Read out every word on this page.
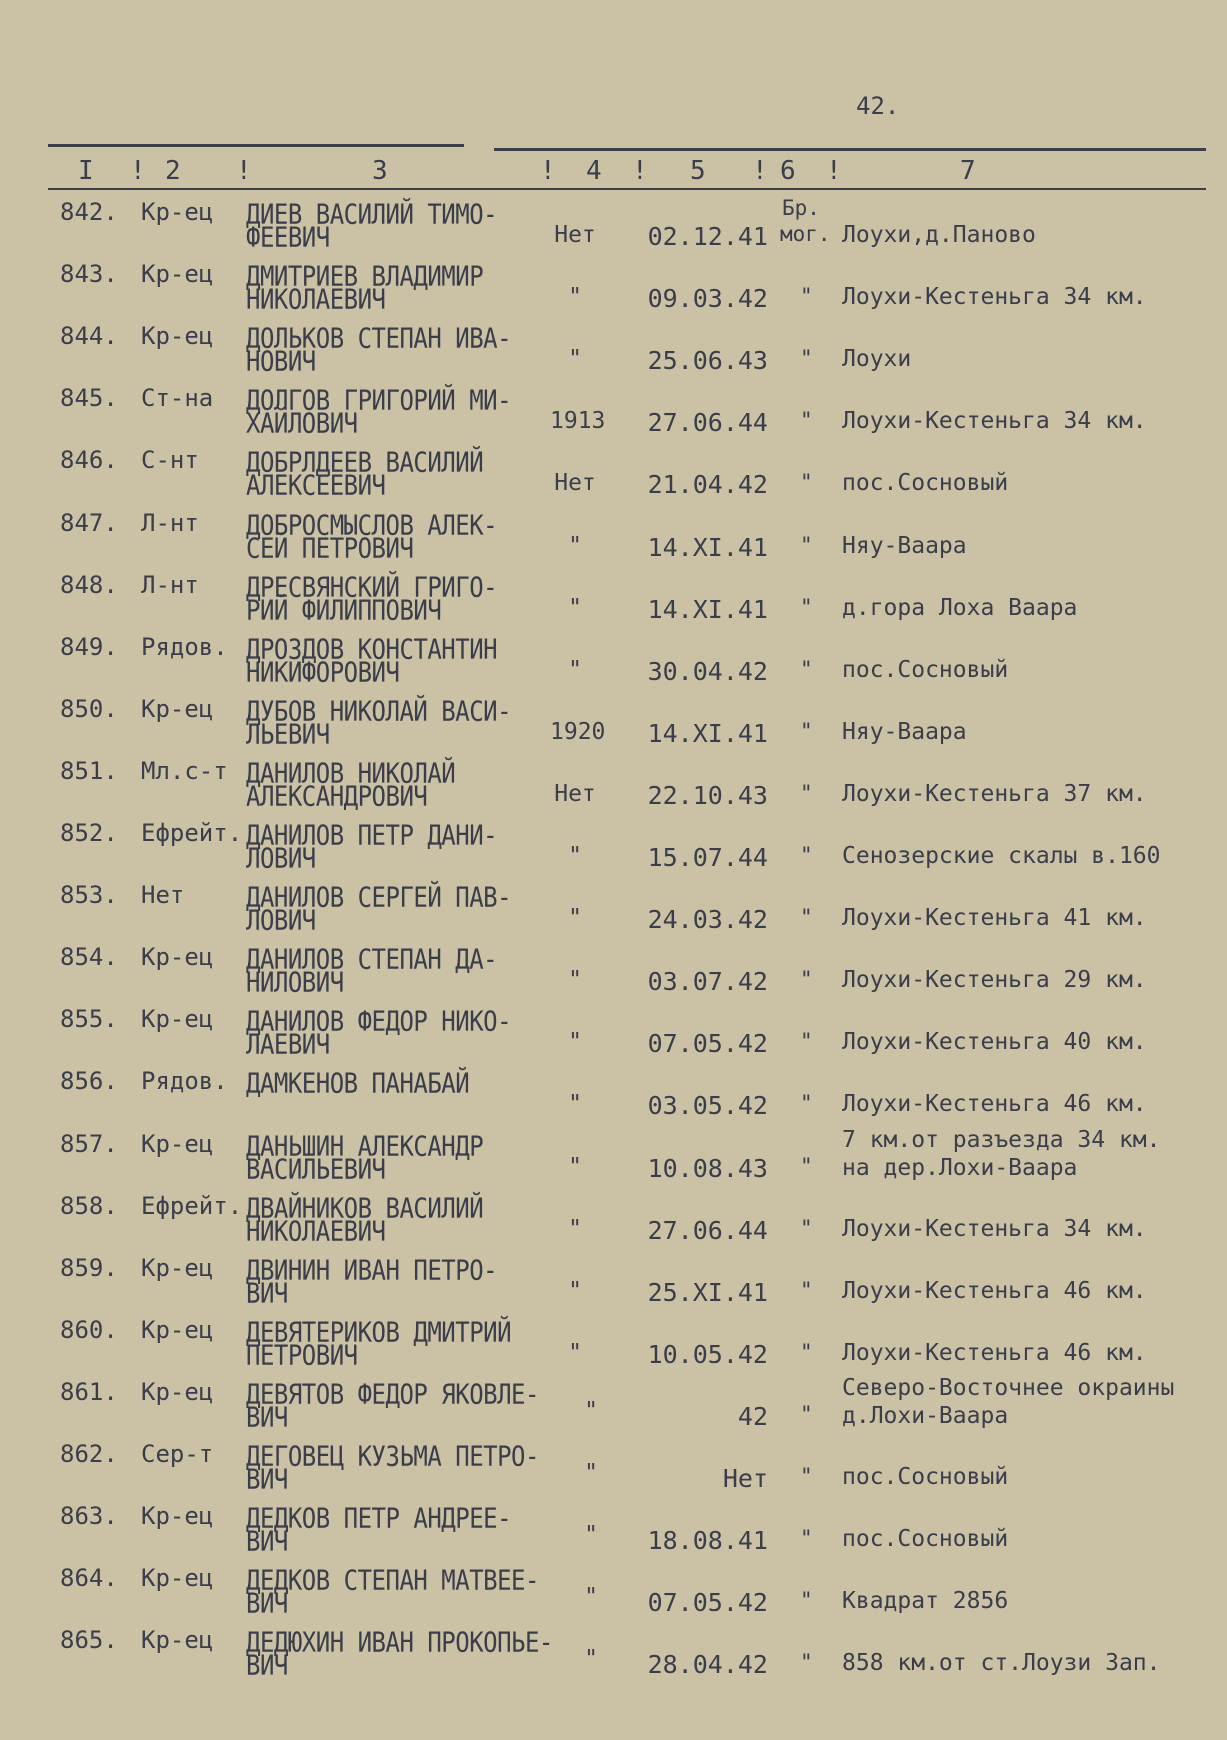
42.
I ! 2 !	3	! 4 ! 5 ! 6 !	7
842. Кр-ец ДИЕВ ВАСИЛИЙ ТИМО-
ФЕЕВИЧ	Нет	02.12.41
Бр.
мог. Лоухи,д.Паново
843. Кр-ец ДМИТРИЕВ ВЛАДИМИР
НИКОЛАЕВИЧ	"	09.03.42 " Лоухи-Кестеньга 34 км.
844. Кр-ец ДОЛЬКОВ СТЕПАН ИВА-
НОВИЧ	"	25.06.43 " Лоухи
845. Ст-на ДОЛГОВ ГРИГОРИЙ МИ-
ХАЙЛОВИЧ	1913	27.06.44 " Лоухи-Кестеньга 34 км.
846. С-нт ДОБРЛДЕЕВ ВАСИЛИЙ
АЛЕКСЕЕВИЧ	Нет	21.04.42 " пос.Сосновый
847. Л-нт ДОБРОСМЫСЛОВ АЛЕК-
СЕЙ ПЕТРОВИЧ	"	14.XI.41 " Няу-Ваара
848. Л-нт ДРЕСВЯНСКИЙ ГРИГО-
РИЙ ФИЛИППОВИЧ	"	14.XI.41 " д.гора Лоха Ваара
849. Рядов. ДРОЗДОВ КОНСТАНТИН
НИКИФОРОВИЧ	"	30.04.42 " пос.Сосновый
850. Кр-ец ДУБОВ НИКОЛАЙ ВАСИ-
ЛЬЕВИЧ	1920	14.XI.41 " Няу-Ваара
851. Мл.с-т ДАНИЛОВ НИКОЛАЙ
АЛЕКСАНДРОВИЧ	Нет	22.10.43 " Лоухи-Кестеньга 37 км.
852. Ефрейт. ДАНИЛОВ ПЕТР ДАНИ-
ЛОВИЧ	"	15.07.44 " Сенозерские скалы в.160
853. Нет	ДАНИЛОВ СЕРГЕЙ ПАВ-
ЛОВИЧ	"	24.03.42 " Лоухи-Кестеньга 41 км.
854. Кр-ец ДАНИЛОВ СТЕПАН ДА-
НИЛОВИЧ	"	03.07.42 " Лоухи-Кестеньга 29 км.
855. Кр-ец ДАНИЛОВ ФЕДОР НИКО-
ЛАЕВИЧ	"	07.05.42 " Лоухи-Кестеньга 40 км.
856. Рядов. ДАМКЕНОВ ПАНАБАЙ
"	03.05.42 " Лоухи-Кестеньга 46 км.
857. Кр-ец ДАНЬШИН АЛЕКСАНДР
ВАСИЛЬЕВИЧ	"	10.08.43 "
7 км.от разъезда 34 км.
на дер.Лохи-Ваара
858. Ефрейт. ДВАЙНИКОВ ВАСИЛИЙ
НИКОЛАЕВИЧ	"	27.06.44 " Лоухи-Кестеньга 34 км.
859. Кр-ец ДВИНИН ИВАН ПЕТРО-
ВИЧ	"	25.XI.41 " Лоухи-Кестеньга 46 км.
860. Кр-ец ДЕВЯТЕРИКОВ ДМИТРИЙ
ПЕТРОВИЧ	"	10.05.42 " Лоухи-Кестеньга 46 км.
861. Кр-ец ДЕВЯТОВ ФЕДОР ЯКОВЛЕ-
ВИЧ	"	42 "
Северо-Восточнее окраины
д.Лохи-Ваара
862. Сер-т ДЕГОВЕЦ КУЗЬМА ПЕТРО-
ВИЧ	"	Нет " пос.Сосновый
863. Кр-ец ДЕДКОВ ПЕТР АНДРЕЕ-
ВИЧ	"	18.08.41 " пос.Сосновый
864. Кр-ец ДЕДКОВ СТЕПАН МАТВЕЕ-
ВИЧ	"	07.05.42 " Квадрат 2856
865. Кр-ец ДЕДЮХИН ИВАН ПРОКОПЬЕ-
ВИЧ	"	28.04.42 " 858 км.от ст.Лоузи Зап.
